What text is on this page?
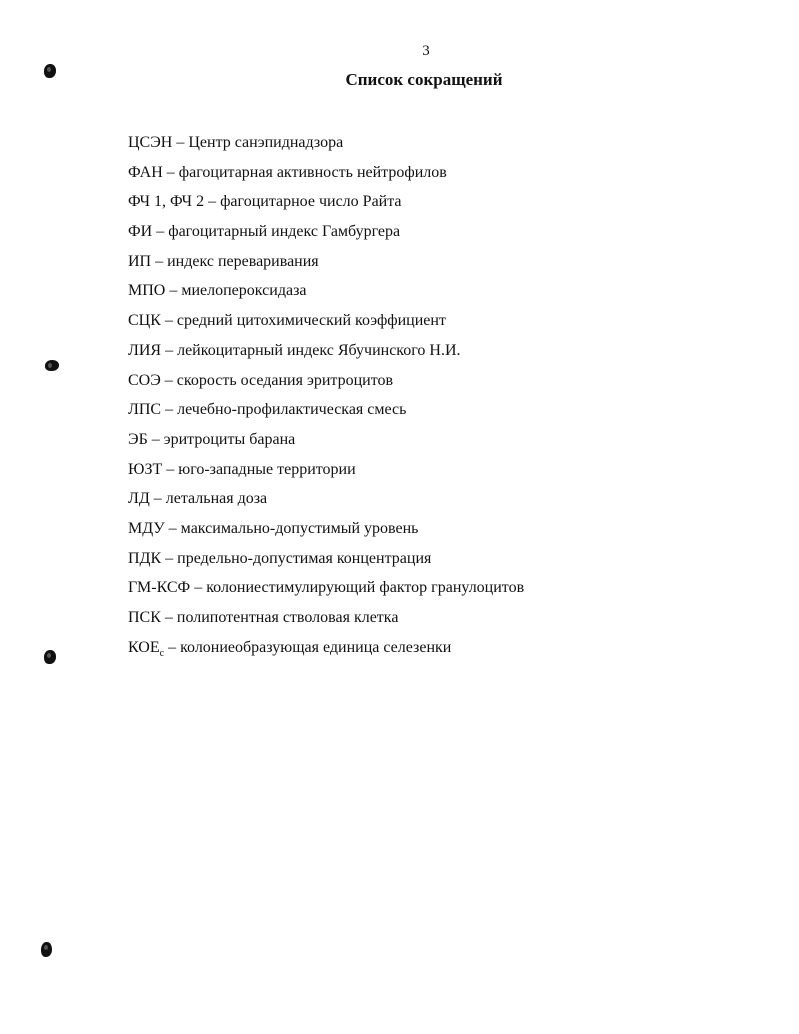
3
Список сокращений
ЦСЭН – Центр санэпиднадзора
ФАН – фагоцитарная активность нейтрофилов
ФЧ 1, ФЧ 2 – фагоцитарное число Райта
ФИ – фагоцитарный индекс Гамбургера
ИП – индекс переваривания
МПО – миелопероксидаза
СЦК – средний цитохимический коэффициент
ЛИЯ – лейкоцитарный индекс Ябучинского Н.И.
СОЭ – скорость оседания эритроцитов
ЛПС – лечебно-профилактическая смесь
ЭБ – эритроциты барана
ЮЗТ – юго-западные территории
ЛД – летальная доза
МДУ – максимально-допустимый уровень
ПДК – предельно-допустимая концентрация
ГМ-КСФ – колониестимулирующий фактор гранулоцитов
ПСК – полипотентная стволовая клетка
$КОЕ_с$ – колониеобразующая единица селезенки
